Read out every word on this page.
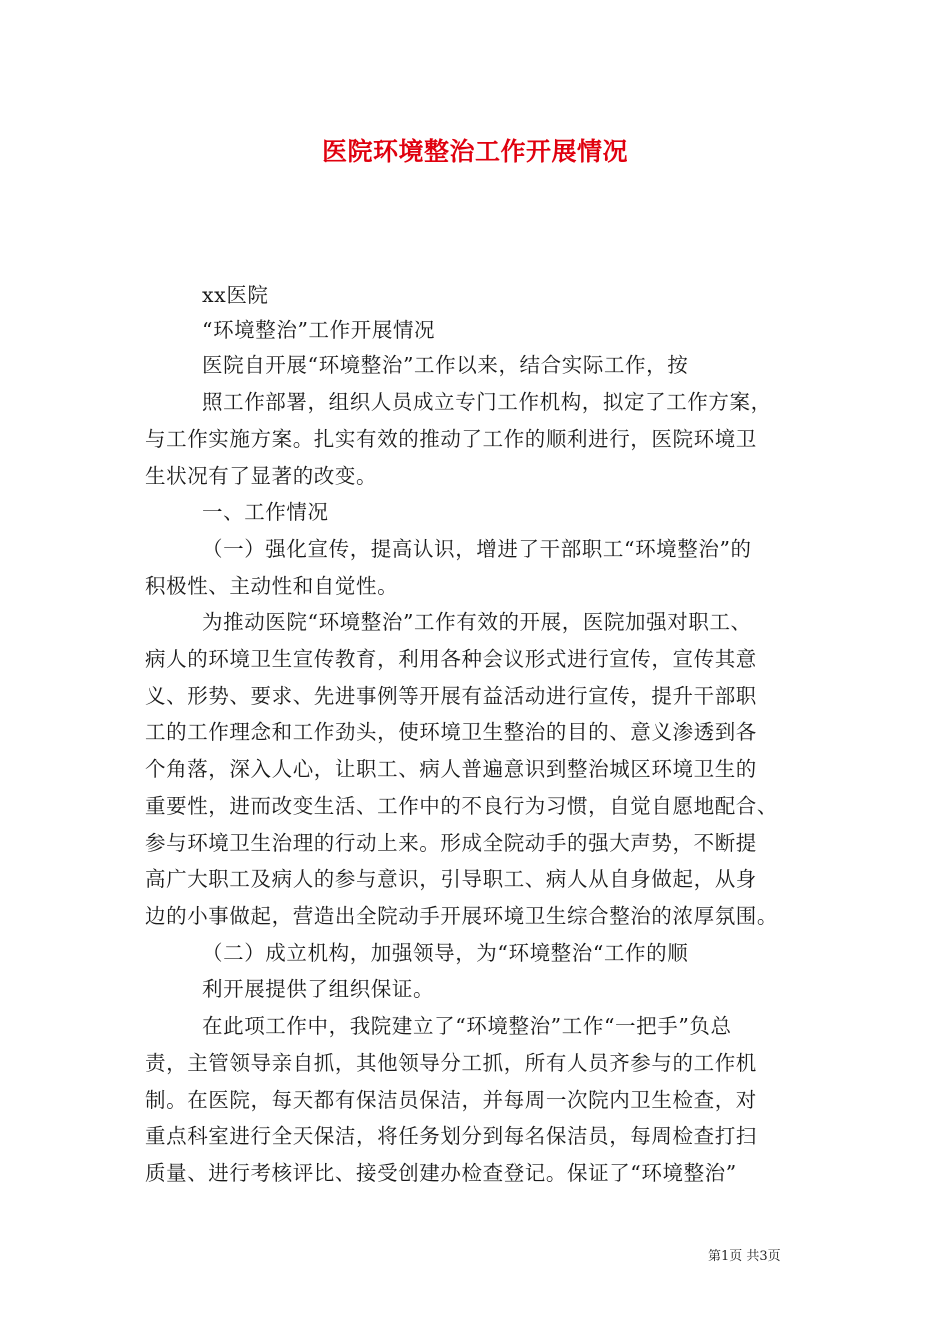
医院环境整治工作开展情况
xx医院
“环境整治”工作开展情况
医院自开展“环境整治”工作以来，结合实际工作，按
照工作部署，组织人员成立专门工作机构，拟定了工作方案，
与工作实施方案。扎实有效的推动了工作的顺利进行，医院环境卫
生状况有了显著的改变。
一、工作情况
（一）强化宣传，提高认识，增进了干部职工“环境整治”的
积极性、主动性和自觉性。
为推动医院“环境整治”工作有效的开展，医院加强对职工、
病人的环境卫生宣传教育，利用各种会议形式进行宣传，宣传其意
义、形势、要求、先进事例等开展有益活动进行宣传，提升干部职
工的工作理念和工作劲头，使环境卫生整治的目的、意义渗透到各
个角落，深入人心，让职工、病人普遍意识到整治城区环境卫生的
重要性，进而改变生活、工作中的不良行为习惯，自觉自愿地配合、
参与环境卫生治理的行动上来。形成全院动手的强大声势，不断提
高广大职工及病人的参与意识，引导职工、病人从自身做起，从身
边的小事做起，营造出全院动手开展环境卫生综合整治的浓厚氛围。
（二）成立机构，加强领导，为“环境整治“工作的顺
利开展提供了组织保证。
在此项工作中，我院建立了“环境整治”工作“一把手”负总
责，主管领导亲自抓，其他领导分工抓，所有人员齐参与的工作机
制。在医院，每天都有保洁员保洁，并每周一次院内卫生检查，对
重点科室进行全天保洁，将任务划分到每名保洁员，每周检查打扫
质量、进行考核评比、接受创建办检查登记。保证了“环境整治”
第1页 共3页
